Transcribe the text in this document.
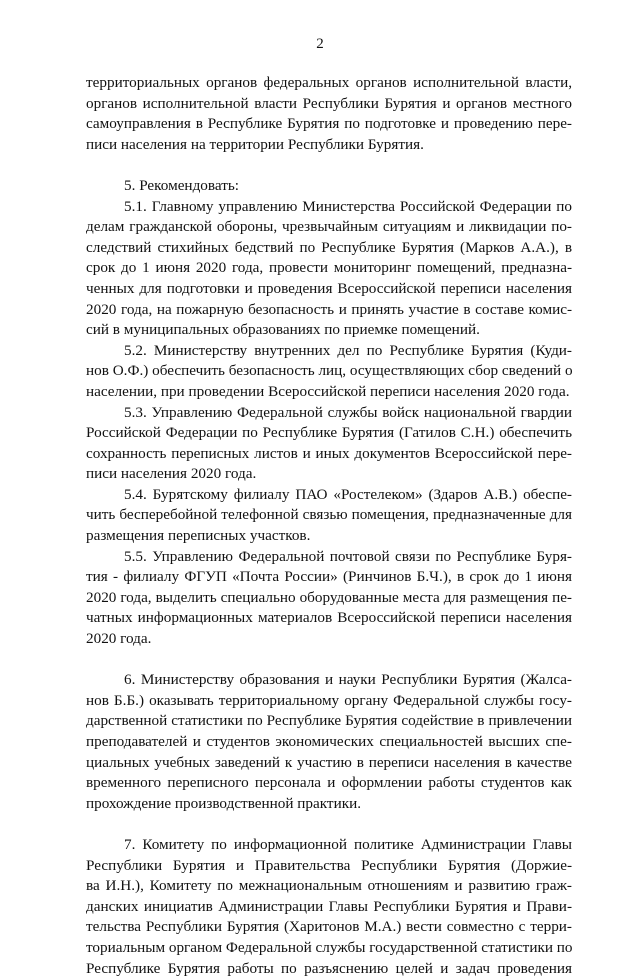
2
территориальных органов федеральных органов исполнительной власти,
органов исполнительной власти Республики Бурятия и органов местного
самоуправления в Республике Бурятия по подготовке и проведению пере-
писи населения на территории Республики Бурятия.
5. Рекомендовать:
5.1. Главному управлению Министерства Российской Федерации по
делам гражданской обороны, чрезвычайным ситуациям и ликвидации по-
следствий стихийных бедствий по Республике Бурятия (Марков А.А.), в
срок до 1 июня 2020 года, провести мониторинг помещений, предназна-
ченных для подготовки и проведения Всероссийской переписи населения
2020 года, на пожарную безопасность и принять участие в составе комис-
сий в муниципальных образованиях по приемке помещений.
5.2. Министерству внутренних дел по Республике Бурятия (Куди-
нов О.Ф.) обеспечить безопасность лиц, осуществляющих сбор сведений о
населении, при проведении Всероссийской переписи населения 2020 года.
5.3. Управлению Федеральной службы войск национальной гвардии
Российской Федерации по Республике Бурятия (Гатилов С.Н.) обеспечить
сохранность переписных листов и иных документов Всероссийской пере-
писи населения 2020 года.
5.4. Бурятскому филиалу ПАО «Ростелеком» (Здаров А.В.) обеспе-
чить бесперебойной телефонной связью помещения, предназначенные для
размещения переписных участков.
5.5. Управлению Федеральной почтовой связи по Республике Буря-
тия - филиалу ФГУП «Почта России» (Ринчинов Б.Ч.), в срок до 1 июня
2020 года, выделить специально оборудованные места для размещения пе-
чатных информационных материалов Всероссийской переписи населения
2020 года.
6. Министерству образования и науки Республики Бурятия (Жалса-
нов Б.Б.) оказывать территориальному органу Федеральной службы госу-
дарственной статистики по Республике Бурятия содействие в привлечении
преподавателей и студентов экономических специальностей высших спе-
циальных учебных заведений к участию в переписи населения в качестве
временного переписного персонала и оформлении работы студентов как
прохождение производственной практики.
7. Комитету по информационной политике Администрации Главы
Республики Бурятия и Правительства Республики Бурятия (Доржие-
ва И.Н.), Комитету по межнациональным отношениям и развитию граж-
данских инициатив Администрации Главы Республики Бурятия и Прави-
тельства Республики Бурятия (Харитонов М.А.) вести совместно с терри-
ториальным органом Федеральной службы государственной статистики по
Республике Бурятия работы по разъяснению целей и задач проведения
